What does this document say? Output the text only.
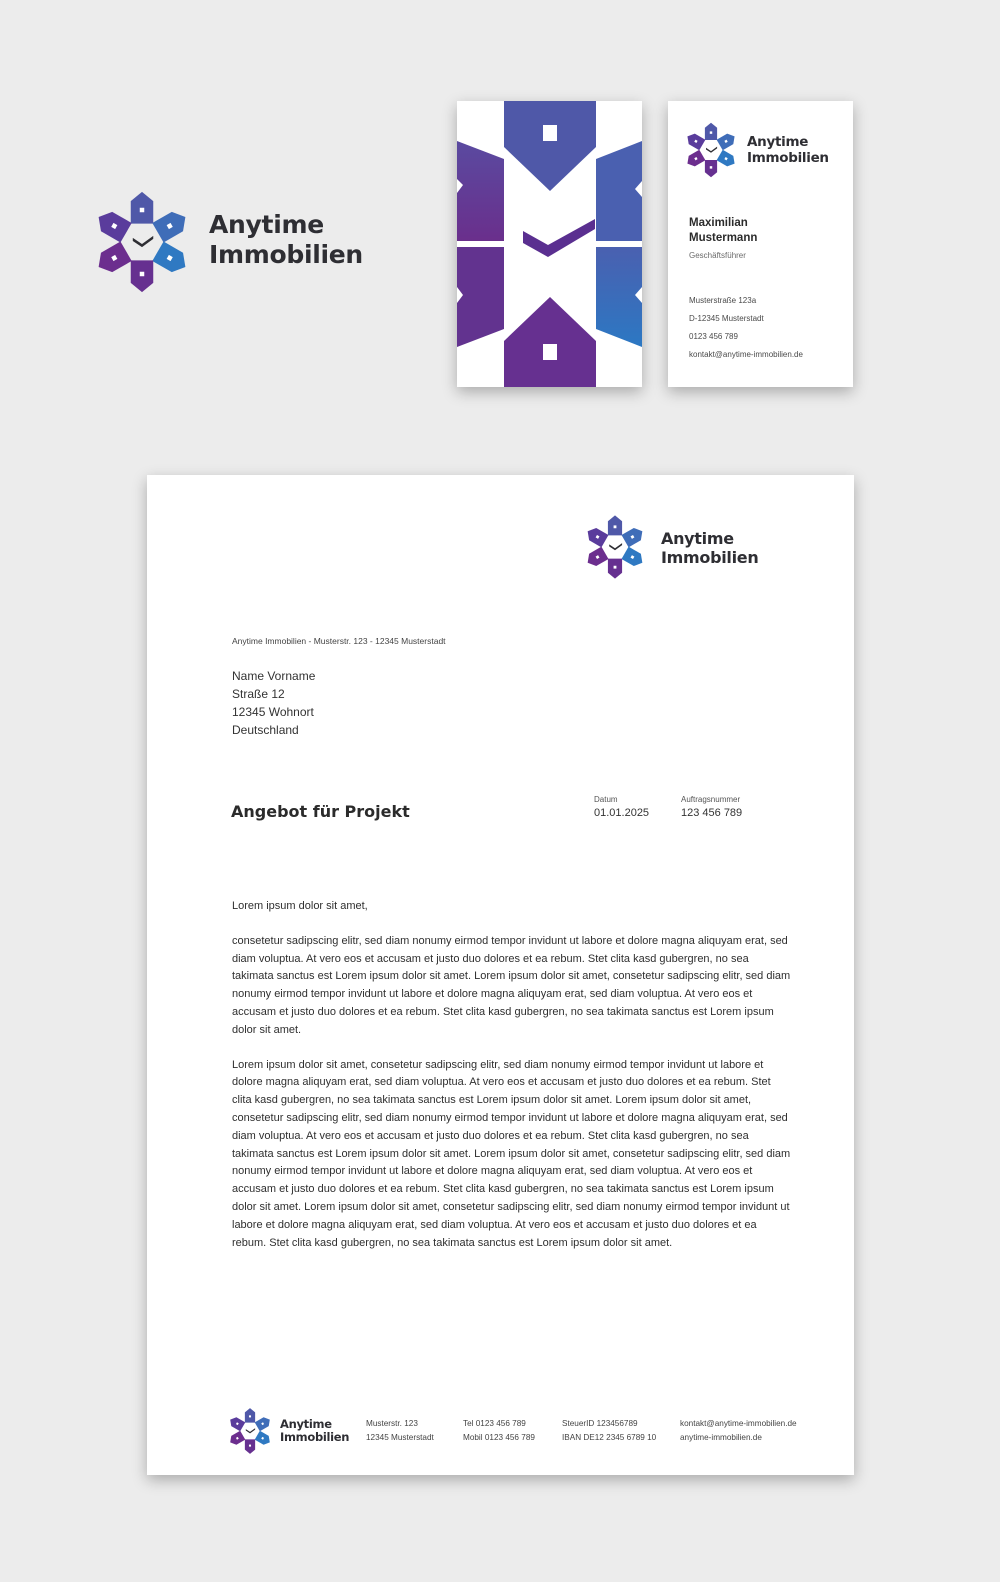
Anytime
Immobilien
Anytime
Immobilien
Maximilian
Mustermann
Geschäftsführer
Musterstraße 123a
D-12345 Musterstadt
0123 456 789
kontakt@anytime-immobilien.de
Anytime
Immobilien
Anytime Immobilien - Musterstr. 123 - 12345 Musterstadt
Name Vorname
Straße 12
12345 Wohnort
Deutschland
Angebot für Projekt
Datum
01.01.2025
Auftragsnummer
123 456 789

Lorem ipsum dolor sit amet,

consetetur sadipscing elitr, sed diam nonumy eirmod tempor invidunt ut labore et dolore magna aliquyam erat, sed diam voluptua. At vero eos et accusam et justo duo dolores et ea rebum. Stet clita kasd gubergren, no sea takimata sanctus est Lorem ipsum dolor sit amet. Lorem ipsum dolor sit amet, consetetur sadipscing elitr, sed diam nonumy eirmod tempor invidunt ut labore et dolore magna aliquyam erat, sed diam voluptua. At vero eos et accusam et justo duo dolores et ea rebum. Stet clita kasd gubergren, no sea takimata sanctus est Lorem ipsum dolor sit amet.

Lorem ipsum dolor sit amet, consetetur sadipscing elitr, sed diam nonumy eirmod tempor invidunt ut labore et dolore magna aliquyam erat, sed diam voluptua. At vero eos et accusam et justo duo dolores et ea rebum. Stet clita kasd gubergren, no sea takimata sanctus est Lorem ipsum dolor sit amet. Lorem ipsum dolor sit amet, consetetur sadipscing elitr, sed diam nonumy eirmod tempor invidunt ut labore et dolore magna aliquyam erat, sed diam voluptua. At vero eos et accusam et justo duo dolores et ea rebum. Stet clita kasd gubergren, no sea takimata sanctus est Lorem ipsum dolor sit amet. Lorem ipsum dolor sit amet, consetetur sadipscing elitr, sed diam nonumy eirmod tempor invidunt ut labore et dolore magna aliquyam erat, sed diam voluptua. At vero eos et accusam et justo duo dolores et ea rebum. Stet clita kasd gubergren, no sea takimata sanctus est Lorem ipsum dolor sit amet. Lorem ipsum dolor sit amet, consetetur sadipscing elitr, sed diam nonumy eirmod tempor invidunt ut labore et dolore magna aliquyam erat, sed diam voluptua. At vero eos et accusam et justo duo dolores et ea rebum. Stet clita kasd gubergren, no sea takimata sanctus est Lorem ipsum dolor sit amet.

Anytime
Immobilien
Musterstr. 123
12345 Musterstadt
Tel 0123 456 789
Mobil 0123 456 789
SteuerID 123456789
IBAN DE12 2345 6789 10
kontakt@anytime-immobilien.de
anytime-immobilien.de
